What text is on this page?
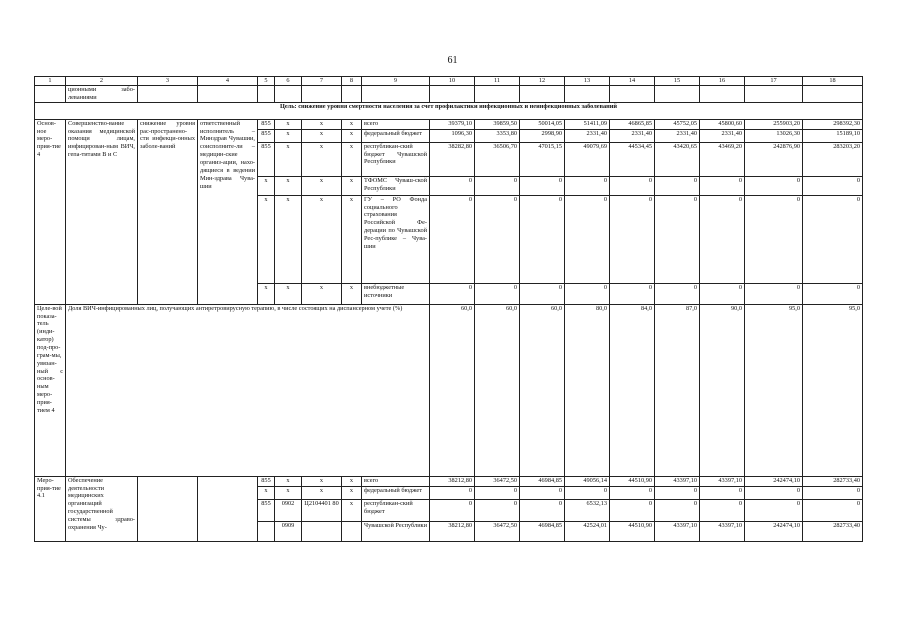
61
1	2	3	4	5	6	7	8	9	10	11	12	13	14	15	16	17	18
	ционными забо-леваниями																
Цель: снижение уровня смертности населения за счет профилактики инфекционных и неинфекционных заболеваний																	
Основ-ное меро-прия-тие 4	Совершенство-вание оказания медицинской помощи лицам, инфицирован-ным ВИЧ, гепа-титами В и С	снижение уровня рас-пространено-сти инфекци-онных заболе-ваний	ответственный исполнитель – Минздрав Чувашии, соисполните-ли – медицин-ские организ-ации, нахо-дящиеся в ведении Мин-здрава Чува-шии	855	x	x	x	всего	39379,10	39859,50	50014,05	51411,09	46865,85	45752,05	45800,60	255903,20	298392,30
				855	x	x	x	федеральный бюджет	1096,30	3353,80	2998,90	2331,40	2331,40	2331,40	2331,40	13026,30	15189,10
				855	x	x	x	республикан-ский бюджет Чувашской Республики	38282,80	36506,70	47015,15	49079,69	44534,45	43420,65	43469,20	242876,90	283203,20
				x	x	x	x	ТФОМС Чуваш-ской Республики	0	0	0	0	0	0	0	0	0
				x	x	x	x	ГУ – РО Фонда социального страхования Российской Фе-дерации по Чувашской Рес-публике – Чува-шии	0	0	0	0	0	0	0	0	0
				x	x	x	x	внебюджетные источники	0	0	0	0	0	0	0	0	0
Целе-вой показа-тель (инди-катор) под-про-грам-мы, увязан-ный с основ-ным меро-прия-тием 4	Доля ВИЧ-инфицированных лиц, получающих антиретровирусную терапию, в числе состоящих на диспансерном учете (%)								60,0	60,0	60,0	80,0	84,0	87,0	90,0	95,0	95,0
Меро-прия-тие 4.1	Обеспечение деятельности медицинских организаций государственной системы здраво-охранения Чу-			855	x	x	x	всего	38212,80	36472,50	46984,85	49056,14	44510,90	43397,10	43397,10	242474,10	282733,40
				x	x	x	x	федеральный бюджет	0	0	0	0	0	0	0	0	0
				855	0902	Ц2104401 80	x	республикан-ский бюджет	0	0	0	6532,13	0	0	0	0	0
					0909			Чувашской Республики	38212,80	36472,50	46984,85	42524,01	44510,90	43397,10	43397,10	242474,10	282733,40
